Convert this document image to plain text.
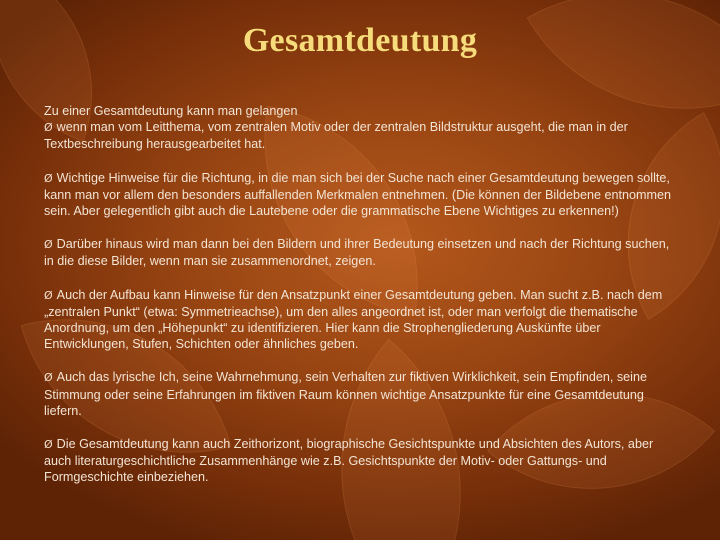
Gesamtdeutung

Zu einer Gesamtdeutung kann man gelangen

Ø wenn man vom Leitthema, vom zentralen Motiv oder der zentralen Bildstruktur ausgeht, die man in der Textbeschreibung herausgearbeitet hat.

Ø Wichtige Hinweise für die Richtung, in die man sich bei der Suche nach einer Gesamtdeutung bewegen sollte, kann man vor allem den besonders auffallenden Merkmalen entnehmen. (Die können der Bildebene entnommen sein. Aber gelegentlich gibt auch die Lautebene oder die grammatische Ebene Wichtiges zu erkennen!)

Ø Darüber hinaus wird man dann bei den Bildern und ihrer Bedeutung einsetzen und nach der Richtung suchen, in die diese Bilder, wenn man sie zusammenordnet, zeigen.

Ø Auch der Aufbau kann Hinweise für den Ansatzpunkt einer Gesamtdeutung geben. Man sucht z.B. nach dem „zentralen Punkt“ (etwa: Symmetrieachse), um den alles angeordnet ist, oder man verfolgt die thematische Anordnung, um den „Höhepunkt“ zu identifizieren. Hier kann die Strophengliederung Auskünfte über Entwicklungen, Stufen, Schichten oder ähnliches geben.

Ø Auch das lyrische Ich, seine Wahrnehmung, sein Verhalten zur fiktiven Wirklichkeit, sein Empfinden, seine Stimmung oder seine Erfahrungen im fiktiven Raum können wichtige Ansatzpunkte für eine Gesamtdeutung liefern.

Ø Die Gesamtdeutung kann auch Zeithorizont, biographische Gesichtspunkte und Absichten des Autors, aber auch literaturgeschichtliche Zusammenhänge wie z.B. Gesichtspunkte der Motiv- oder Gattungs- und Formgeschichte einbeziehen.
